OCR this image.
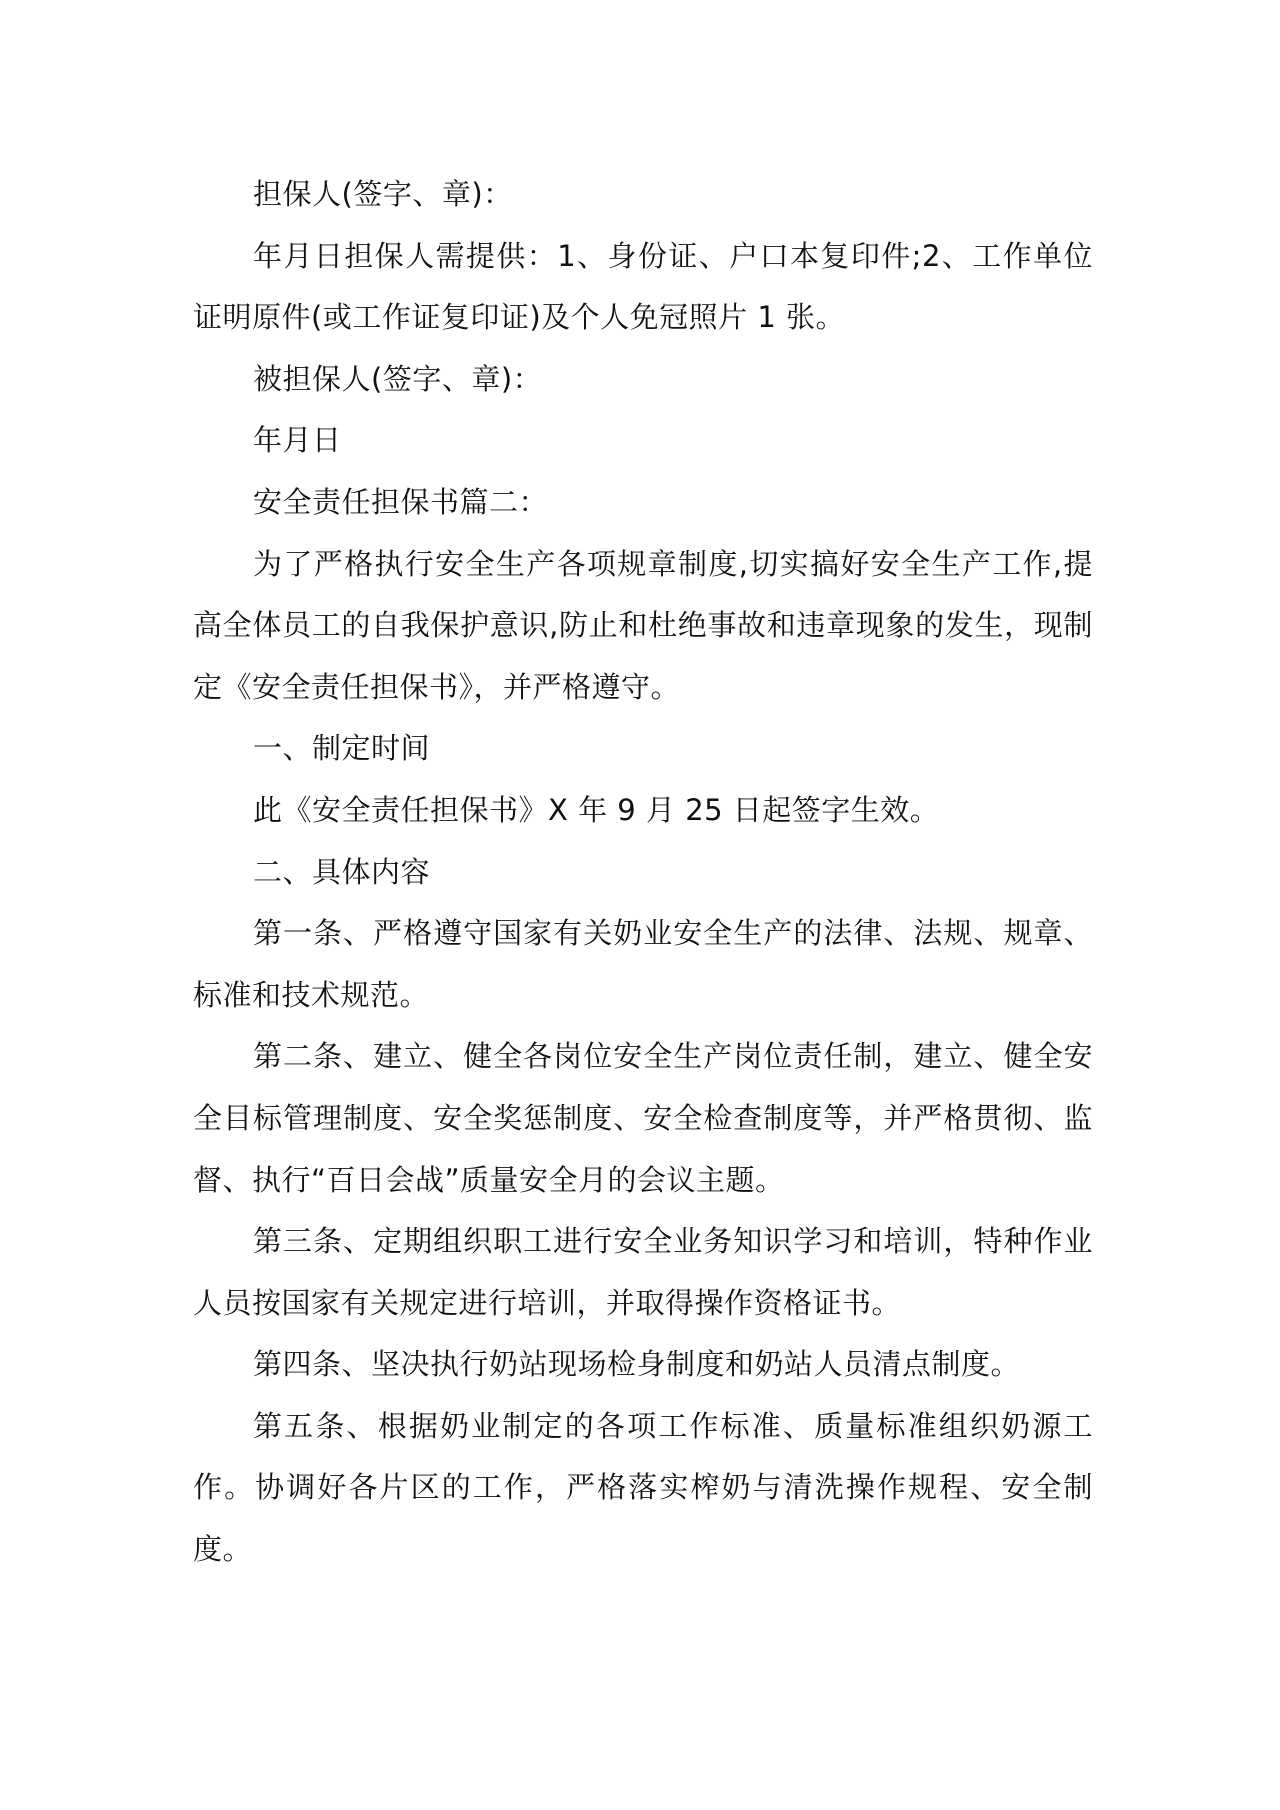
担保人(签字、章)：

年月日担保人需提供：1、身份证、户口本复印件;2、工作单位证明原件(或工作证复印证)及个人免冠照片 1 张。

被担保人(签字、章)：

年月日

安全责任担保书篇二：

为了严格执行安全生产各项规章制度,切实搞好安全生产工作,提高全体员工的自我保护意识,防止和杜绝事故和违章现象的发生，现制定《安全责任担保书》，并严格遵守。

一、制定时间

此《安全责任担保书》X 年 9 月 25 日起签字生效。

二、具体内容

第一条、严格遵守国家有关奶业安全生产的法律、法规、规章、标准和技术规范。

第二条、建立、健全各岗位安全生产岗位责任制，建立、健全安全目标管理制度、安全奖惩制度、安全检查制度等，并严格贯彻、监督、执行“百日会战”质量安全月的会议主题。

第三条、定期组织职工进行安全业务知识学习和培训，特种作业人员按国家有关规定进行培训，并取得操作资格证书。

第四条、坚决执行奶站现场检身制度和奶站人员清点制度。

第五条、根据奶业制定的各项工作标准、质量标准组织奶源工作。协调好各片区的工作，严格落实榨奶与清洗操作规程、安全制度。
